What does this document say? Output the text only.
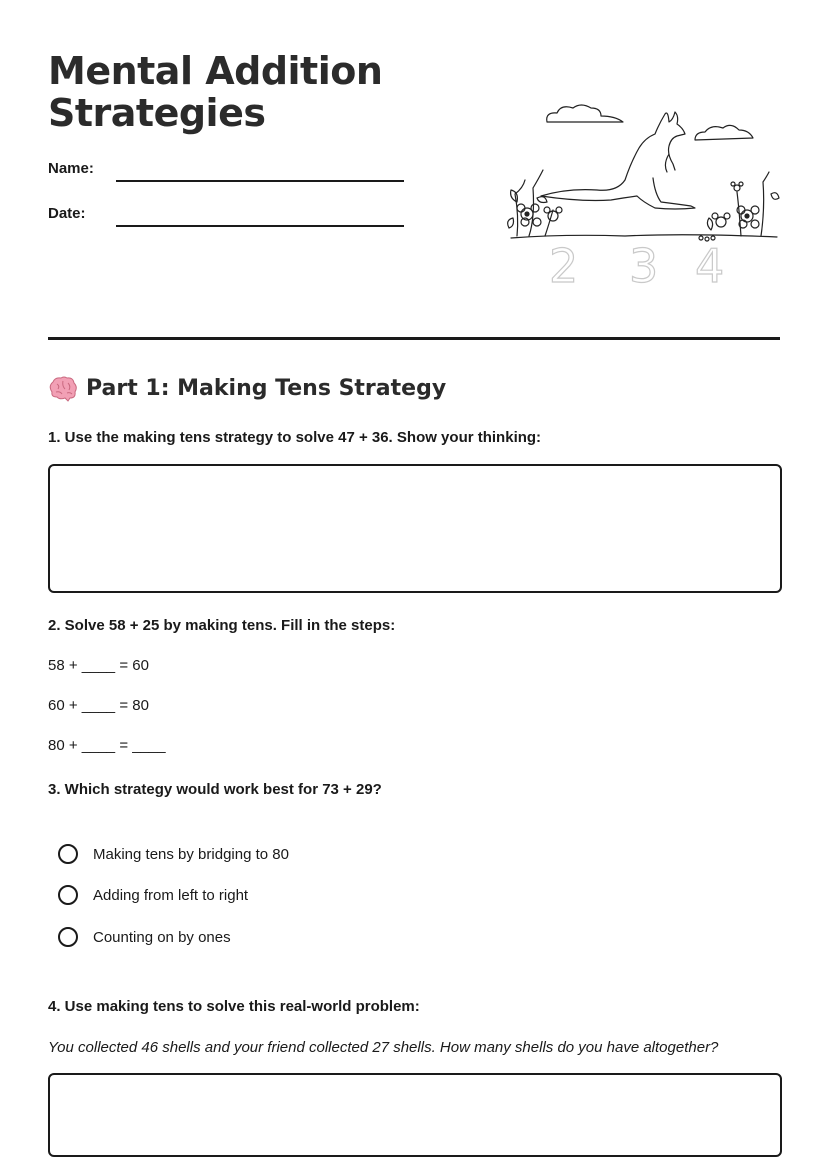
Mental Addition
Strategies
Name:
Date:
2 3 4
Part 1: Making Tens Strategy

1. Use the making tens strategy to solve 47 + 36. Show your thinking:

2. Solve 58 + 25 by making tens. Fill in the steps:

58 + ____ = 60
60 + ____ = 80
80 + ____ = ____

3. Which strategy would work best for 73 + 29?

Making tens by bridging to 80
Adding from left to right
Counting on by ones

4. Use making tens to solve this real-world problem:

You collected 46 shells and your friend collected 27 shells. How many shells do you have altogether?
